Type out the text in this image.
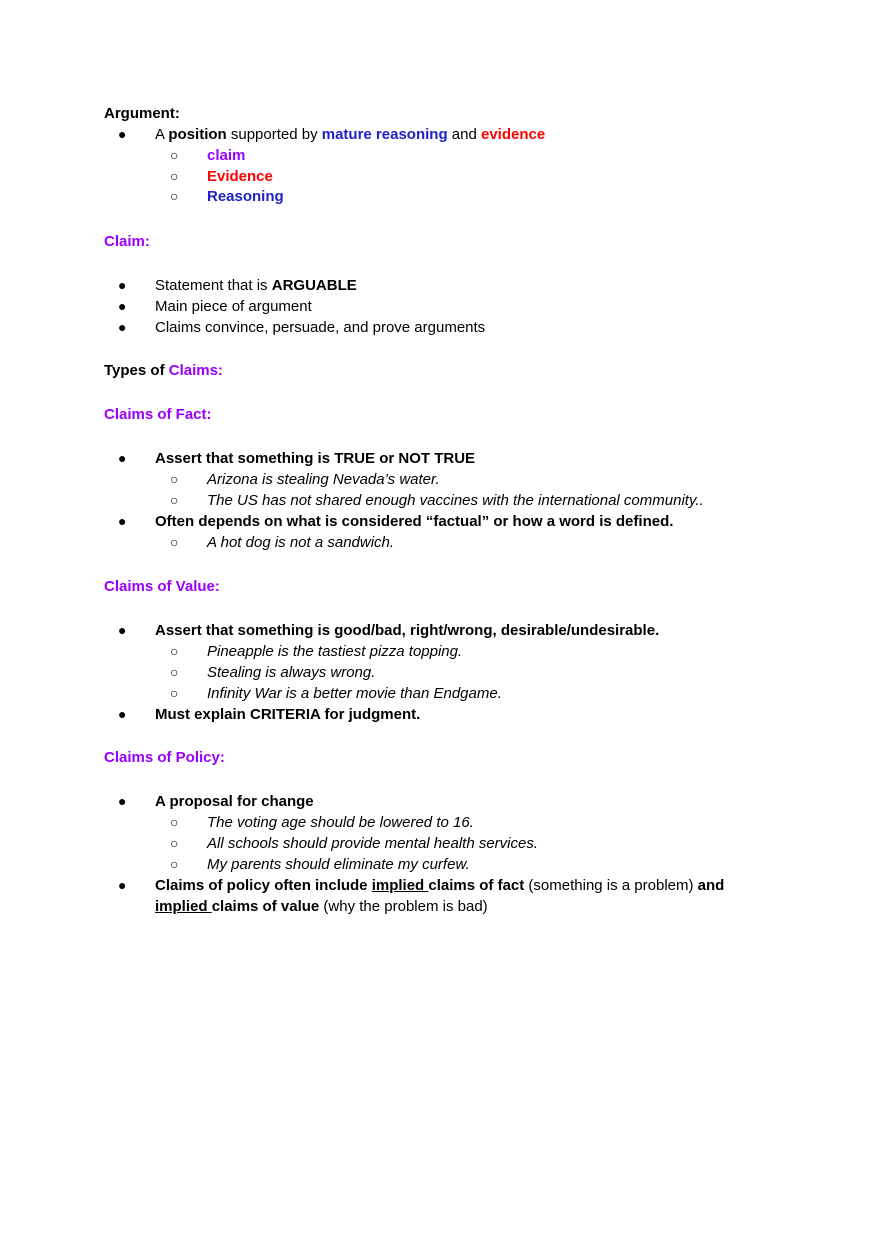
Argument:
● A position supported by mature reasoning and evidence
○ claim
○ Evidence
○ Reasoning
Claim:
● Statement that is ARGUABLE
● Main piece of argument
● Claims convince, persuade, and prove arguments
Types of Claims:
Claims of Fact:
● Assert that something is TRUE or NOT TRUE
○ Arizona is stealing Nevada’s water.
○ The US has not shared enough vaccines with the international community..
● Often depends on what is considered “factual” or how a word is defined.
○ A hot dog is not a sandwich.
Claims of Value:
● Assert that something is good/bad, right/wrong, desirable/undesirable.
○ Pineapple is the tastiest pizza topping.
○ Stealing is always wrong.
○ Infinity War is a better movie than Endgame.
● Must explain CRITERIA for judgment.
Claims of Policy:
● A proposal for change
○ The voting age should be lowered to 16.
○ All schools should provide mental health services.
○ My parents should eliminate my curfew.
● Claims of policy often include implied claims of fact (something is a problem) and
implied claims of value (why the problem is bad)
